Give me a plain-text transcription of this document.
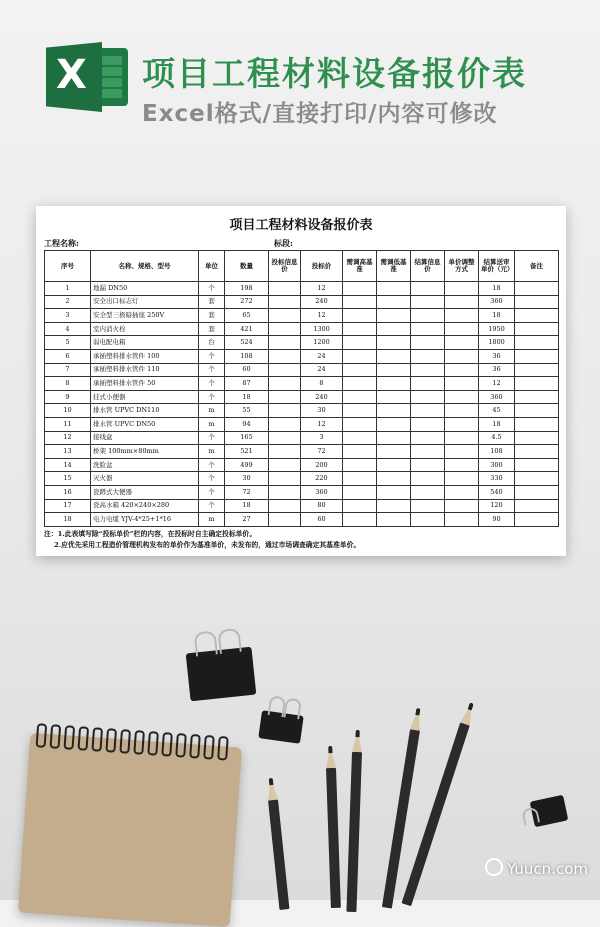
X 项目工程材料设备报价表
Excel格式/直接打印/内容可修改
项目工程材料设备报价表
工程名称:	标段:
序号	名称、规格、型号	单位	数量	投标信息价	投标价	需调高基准	需调低基准	结算信息价	单价调整方式	结算送审单价（元）	备注
1	地漏 DN50	个	198		12					18	
2	安全出口标志灯	套	272		240					360	
3	安全型三极暗插座 250V	套	65		12					18	
4	室内消火栓	套	421		1300					1950	
5	弱电配电箱	台	524		1200					1800	
6	承插塑料排水管件 100	个	108		24					36	
7	承插塑料排水管件 110	个	60		24					36	
8	承插塑料排水管件 50	个	87		8					12	
9	挂式小便器	个	18		240					360	
10	排水管 UPVC DN110	m	55		30					45	
11	排水管 UPVC DN50	m	94		12					18	
12	接线盒	个	165		3					4.5	
13	桥架 100mm×80mm	m	521		72					108	
14	洗脸盆	个	499		200					300	
15	灭火器	个	30		220					330	
16	瓷蹲式大便器	个	72		360					540	
17	瓷高水箱 420×240×280	个	18		80					120	
18	电力电缆 YJV-4*25+1*16	m	27		60					90	
注：1.此表填写除“投标单价”栏的内容，在投标时自主确定投标单价。
2.应优先采用工程造价管理机构发布的单价作为基准单价，未发布的，通过市场调查确定其基准单价。
Yuucn.com
